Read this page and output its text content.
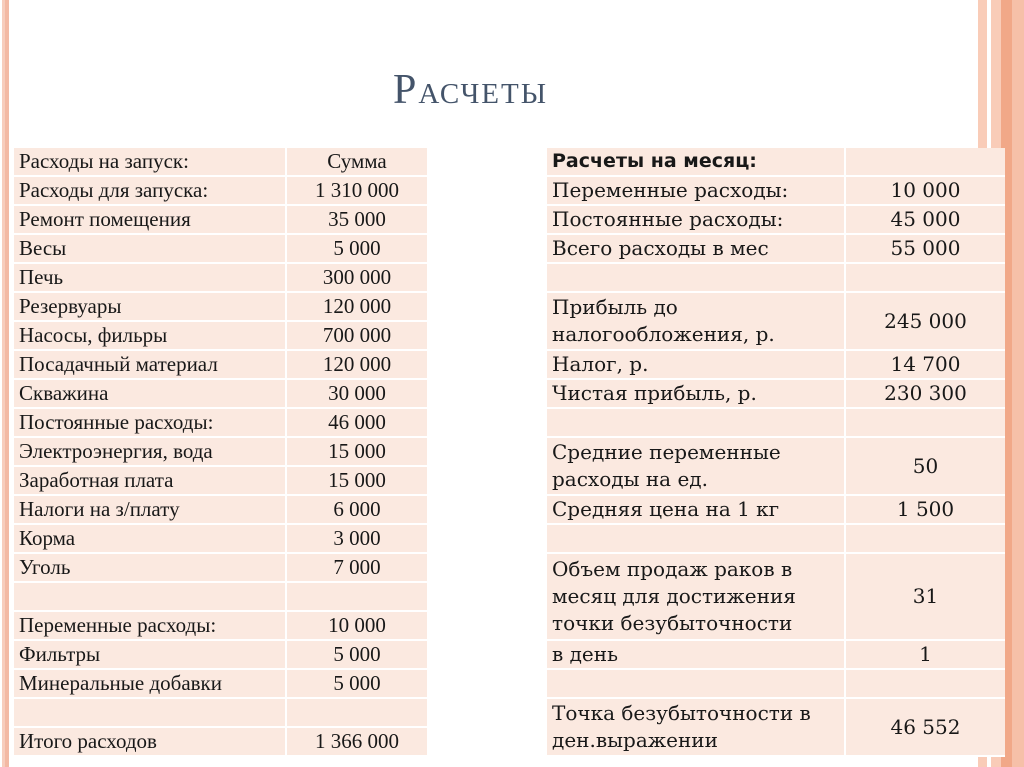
Расчеты
Расходы на запуск:	Сумма
Расходы для запуска:	1 310 000
Ремонт помещения	35 000
Весы	5 000
Печь	300 000
Резервуары	120 000
Насосы, фильры	700 000
Посадачный материал	120 000
Скважина	30 000
Постоянные расходы:	46 000
Электроэнергия, вода	15 000
Заработная плата	15 000
Налоги на з/плату	6 000
Корма	3 000
Уголь	7 000

Переменные расходы:	10 000
Фильтры	5 000
Минеральные добавки	5 000

Итого расходов	1 366 000
Расчеты на месяц:	
Переменные расходы:	10 000
Постоянные расходы:	45 000
Всего расходы в мес	55 000

Прибыль до налогообложения, р.	245 000
Налог, р.	14 700
Чистая прибыль, р.	230 300

Средние переменные расходы на ед.	50
Средняя цена на 1 кг	1 500

Объем продаж раков в месяц для достижения точки безубыточности	31
в день	1

Точка безубыточности в ден.выражении	46 552
